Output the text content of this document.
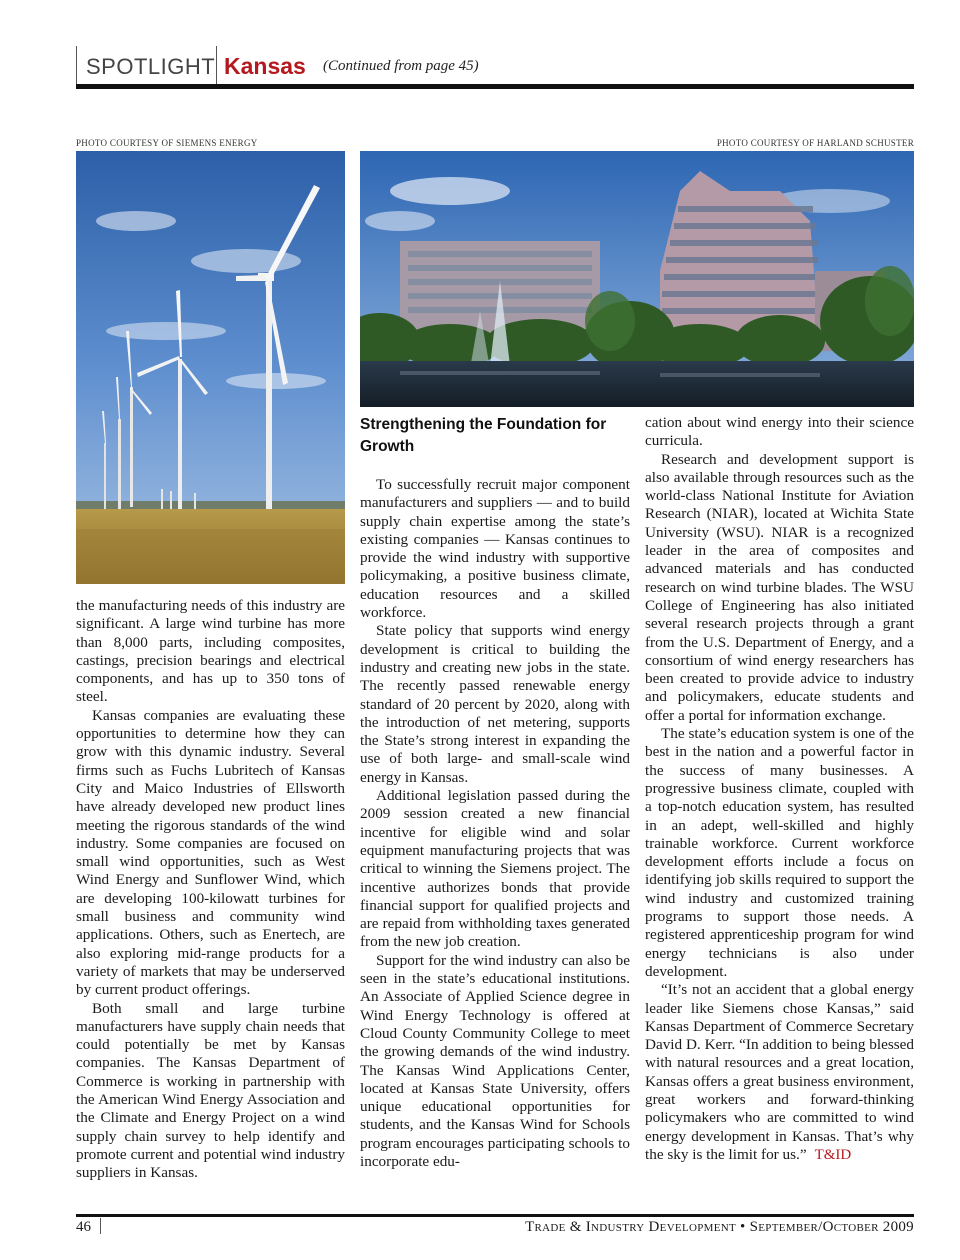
SPOTLIGHT Kansas (Continued from page 45)
PHOTO COURTESY OF SIEMENS ENERGY	PHOTO COURTESY OF HARLAND SCHUSTER

the manufacturing needs of this industry are significant. A large wind turbine has more than 8,000 parts, including composites, castings, precision bearings and electrical components, and has up to 350 tons of steel.

Kansas companies are evaluating these opportunities to determine how they can grow with this dynamic industry. Several firms such as Fuchs Lubritech of Kansas City and Maico Industries of Ellsworth have already developed new product lines meeting the rigorous standards of the wind industry. Some companies are focused on small wind opportunities, such as West Wind Energy and Sunflower Wind, which are developing 100-kilowatt turbines for small business and community wind applications. Others, such as Enertech, are also exploring mid-range products for a variety of markets that may be underserved by current product offerings.

Both small and large turbine manufacturers have supply chain needs that could potentially be met by Kansas companies. The Kansas Department of Commerce is working in partnership with the American Wind Energy Association and the Climate and Energy Project on a wind supply chain survey to help identify and promote current and potential wind industry suppliers in Kansas.

Strengthening the Foundation for Growth

To successfully recruit major component manufacturers and suppliers — and to build supply chain expertise among the state’s existing companies — Kansas continues to provide the wind industry with supportive policymaking, a positive business climate, education resources and a skilled workforce.

State policy that supports wind energy development is critical to building the industry and creating new jobs in the state. The recently passed renewable energy standard of 20 percent by 2020, along with the introduction of net metering, supports the State’s strong interest in expanding the use of both large- and small-scale wind energy in Kansas.

Additional legislation passed during the 2009 session created a new financial incentive for eligible wind and solar equipment manufacturing projects that was critical to winning the Siemens project. The incentive authorizes bonds that provide financial support for qualified projects and are repaid from withholding taxes generated from the new job creation.

Support for the wind industry can also be seen in the state’s educational institutions. An Associate of Applied Science degree in Wind Energy Technology is offered at Cloud County Community College to meet the growing demands of the wind industry. The Kansas Wind Applications Center, located at Kansas State University, offers unique educational opportunities for students, and the Kansas Wind for Schools program encourages participating schools to incorporate edu-

cation about wind energy into their science curricula.

Research and development support is also available through resources such as the world-class National Institute for Aviation Research (NIAR), located at Wichita State University (WSU). NIAR is a recognized leader in the area of composites and advanced materials and has conducted research on wind turbine blades. The WSU College of Engineering has also initiated several research projects through a grant from the U.S. Department of Energy, and a consortium of wind energy researchers has been created to provide advice to industry and policymakers, educate students and offer a portal for information exchange.

The state’s education system is one of the best in the nation and a powerful factor in the success of many businesses. A progressive business climate, coupled with a top-notch education system, has resulted in an adept, well-skilled and highly trainable workforce. Current workforce development efforts include a focus on identifying job skills required to support the wind industry and customized training programs to support those needs. A registered apprenticeship program for wind energy technicians is also under development.

“It’s not an accident that a global energy leader like Siemens chose Kansas,” said Kansas Department of Commerce Secretary David D. Kerr. “In addition to being blessed with natural resources and a great location, Kansas offers a great business environment, great workers and forward-thinking policymakers who are committed to wind energy development in Kansas. That’s why the sky is the limit for us.” T&ID

46	Trade & Industry Development • September/October 2009
